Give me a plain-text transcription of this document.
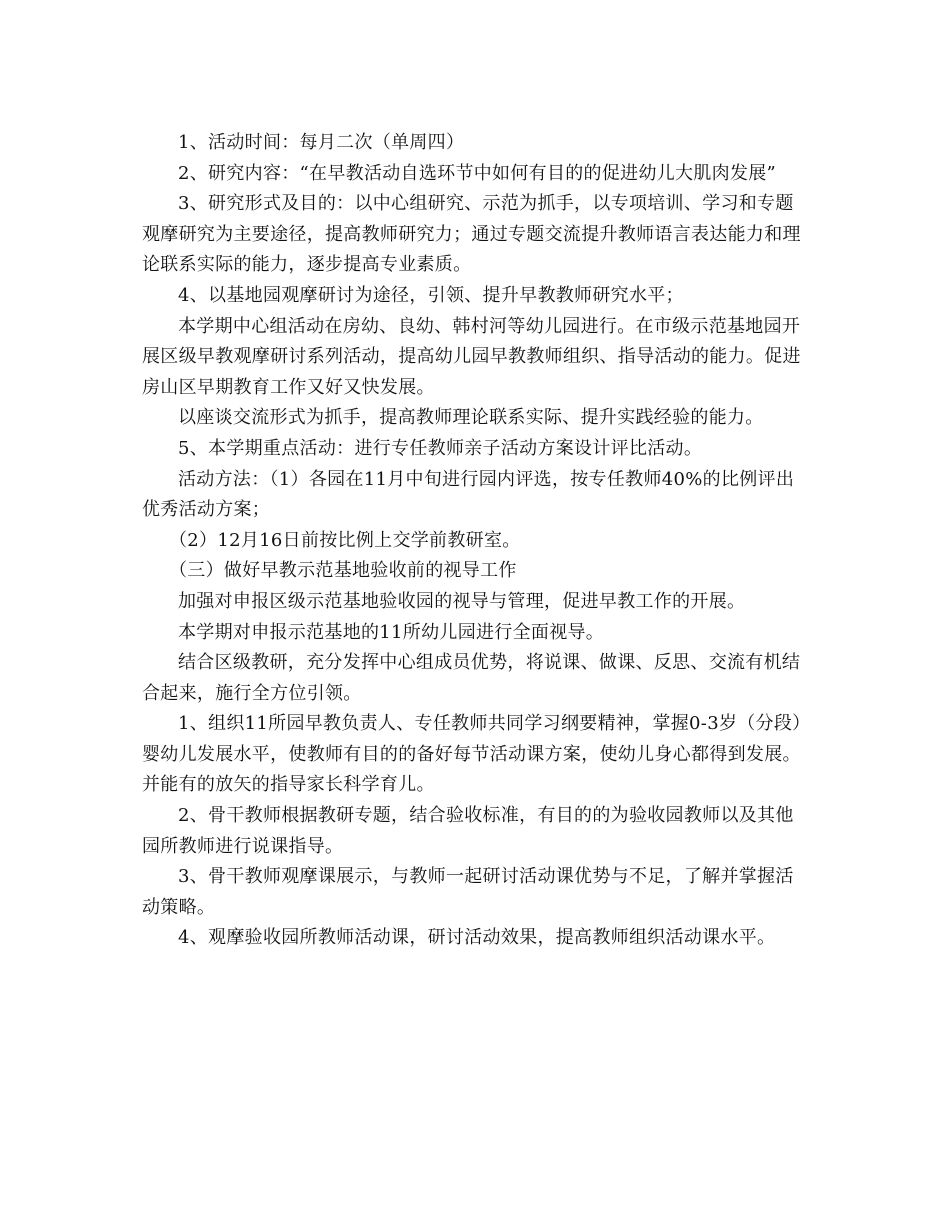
1、活动时间：每月二次（单周四）

2、研究内容：“在早教活动自选环节中如何有目的的促进幼儿大肌肉发展”

3、研究形式及目的：以中心组研究、示范为抓手，以专项培训、学习和专题观摩研究为主要途径，提高教师研究力；通过专题交流提升教师语言表达能力和理论联系实际的能力，逐步提高专业素质。

4、以基地园观摩研讨为途径，引领、提升早教教师研究水平；

本学期中心组活动在房幼、良幼、韩村河等幼儿园进行。在市级示范基地园开展区级早教观摩研讨系列活动，提高幼儿园早教教师组织、指导活动的能力。促进房山区早期教育工作又好又快发展。

以座谈交流形式为抓手，提高教师理论联系实际、提升实践经验的能力。

5、本学期重点活动：进行专任教师亲子活动方案设计评比活动。

活动方法：（1）各园在11月中旬进行园内评选，按专任教师40%的比例评出优秀活动方案；

（2）12月16日前按比例上交学前教研室。

（三）做好早教示范基地验收前的视导工作

加强对申报区级示范基地验收园的视导与管理，促进早教工作的开展。

本学期对申报示范基地的11所幼儿园进行全面视导。

结合区级教研，充分发挥中心组成员优势，将说课、做课、反思、交流有机结合起来，施行全方位引领。

1、组织11所园早教负责人、专任教师共同学习纲要精神，掌握0-3岁（分段）婴幼儿发展水平，使教师有目的的备好每节活动课方案，使幼儿身心都得到发展。并能有的放矢的指导家长科学育儿。

2、骨干教师根据教研专题，结合验收标准，有目的的为验收园教师以及其他园所教师进行说课指导。

3、骨干教师观摩课展示，与教师一起研讨活动课优势与不足，了解并掌握活动策略。

4、观摩验收园所教师活动课，研讨活动效果，提高教师组织活动课水平。
